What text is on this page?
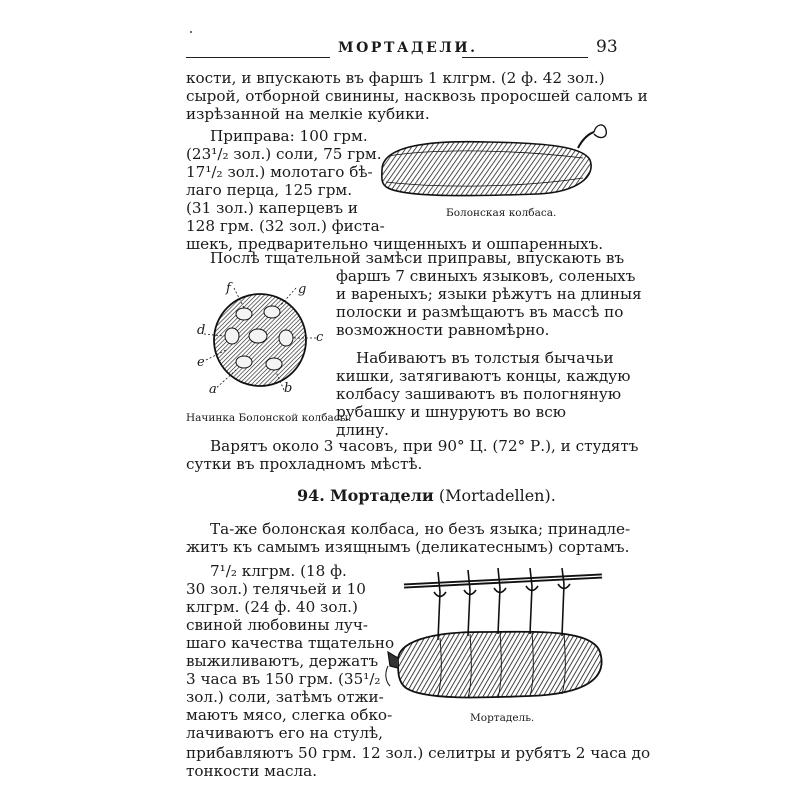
МОРТАДЕЛИ.	93
кости, и впускають въ фаршъ 1 клгрм. (2 ф. 42 зол.)
сырой, отборной свинины, насквозь проросшей саломъ и
изрѣзанной на мелкіе кубики.
Приправа: 100 грм.
(23¹/₂ зол.) соли, 75 грм.
17¹/₂ зол.) молотаго бѣ-
лаго перца, 125 грм.
(31 зол.) каперцевъ и
128 грм. (32 зол.) фиста-
шекъ, предварительно чищенныхъ и ошпаренныхъ.
Болонская колбаса.
Послѣ тщательной замѣси приправы, впускають въ
фаршъ 7 свиныхъ языковъ, соленыхъ
и вареныхъ; языки рѣжутъ на длиныя
полоски и размѣщаютъ въ массѣ по
возможности равномѣрно.
Набиваютъ въ толстыя бычачьи
кишки, затягиваютъ концы, каждую
колбасу зашиваютъ въ пологняную
рубашку и шнуруютъ во всю
длину.
f	g
d	c
e
a	b
Начинка Болонской колбасы.
Варятъ около 3 часовъ, при 90° Ц. (72° Р.), и студятъ
сутки въ прохладномъ мѣстѣ.
94. Мортадели (Mortadellen).
Та-же болонская колбаса, но безъ языка; принадле-
житъ къ самымъ изящнымъ (деликатеснымъ) сортамъ.
7¹/₂ клгрм. (18 ф.
30 зол.) телячьей и 10
клгрм. (24 ф. 40 зол.)
свиной любовины луч-
шаго качества тщательно
выжиливаютъ, держатъ
3 часа въ 150 грм. (35¹/₂
зол.) соли, затѣмъ отжи-
маютъ мясо, слегка обко-
лачиваютъ его на стулѣ,
прибавляютъ 50 грм. 12 зол.) селитры и рубятъ 2 часа до
тонкости масла.
Мортадель.
